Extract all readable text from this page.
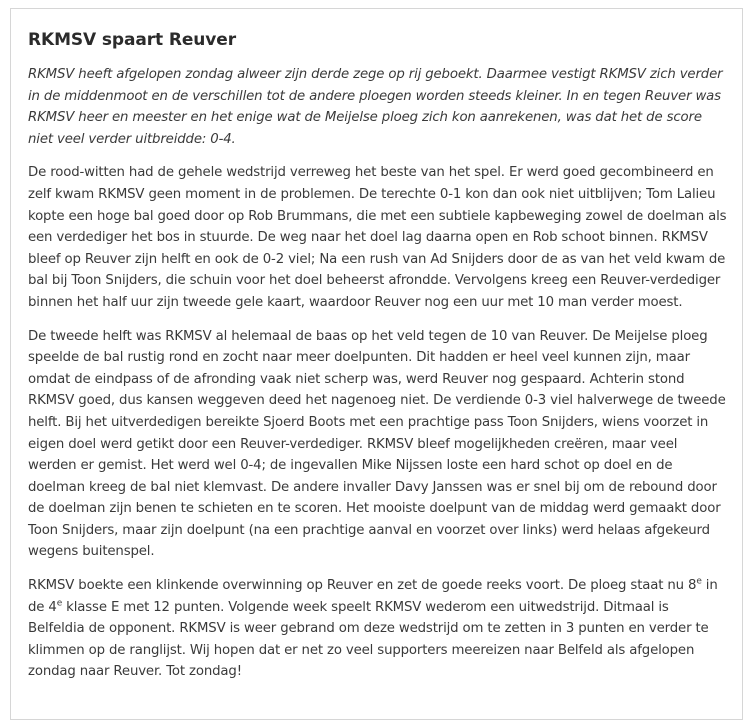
RKMSV spaart Reuver

RKMSV heeft afgelopen zondag alweer zijn derde zege op rij geboekt. Daarmee vestigt RKMSV zich verder in de middenmoot en de verschillen tot de andere ploegen worden steeds kleiner. In en tegen Reuver was RKMSV heer en meester en het enige wat de Meijelse ploeg zich kon aanrekenen, was dat het de score niet veel verder uitbreidde: 0-4.

De rood-witten had de gehele wedstrijd verreweg het beste van het spel. Er werd goed gecombineerd en zelf kwam RKMSV geen moment in de problemen. De terechte 0-1 kon dan ook niet uitblijven; Tom Lalieu kopte een hoge bal goed door op Rob Brummans, die met een subtiele kapbeweging zowel de doelman als een verdediger het bos in stuurde. De weg naar het doel lag daarna open en Rob schoot binnen. RKMSV bleef op Reuver zijn helft en ook de 0-2 viel; Na een rush van Ad Snijders door de as van het veld kwam de bal bij Toon Snijders, die schuin voor het doel beheerst afrondde. Vervolgens kreeg een Reuver-verdediger binnen het half uur zijn tweede gele kaart, waardoor Reuver nog een uur met 10 man verder moest.

De tweede helft was RKMSV al helemaal de baas op het veld tegen de 10 van Reuver. De Meijelse ploeg speelde de bal rustig rond en zocht naar meer doelpunten. Dit hadden er heel veel kunnen zijn, maar omdat de eindpass of de afronding vaak niet scherp was, werd Reuver nog gespaard. Achterin stond RKMSV goed, dus kansen weggeven deed het nagenoeg niet. De verdiende 0-3 viel halverwege de tweede helft. Bij het uitverdedigen bereikte Sjoerd Boots met een prachtige pass Toon Snijders, wiens voorzet in eigen doel werd getikt door een Reuver-verdediger. RKMSV bleef mogelijkheden creëren, maar veel werden er gemist. Het werd wel 0-4; de ingevallen Mike Nijssen loste een hard schot op doel en de doelman kreeg de bal niet klemvast. De andere invaller Davy Janssen was er snel bij om de rebound door de doelman zijn benen te schieten en te scoren. Het mooiste doelpunt van de middag werd gemaakt door Toon Snijders, maar zijn doelpunt (na een prachtige aanval en voorzet over links) werd helaas afgekeurd wegens buitenspel.

RKMSV boekte een klinkende overwinning op Reuver en zet de goede reeks voort. De ploeg staat nu 8e in de 4e klasse E met 12 punten. Volgende week speelt RKMSV wederom een uitwedstrijd. Ditmaal is Belfeldia de opponent. RKMSV is weer gebrand om deze wedstrijd om te zetten in 3 punten en verder te klimmen op de ranglijst. Wij hopen dat er net zo veel supporters meereizen naar Belfeld als afgelopen zondag naar Reuver. Tot zondag!
